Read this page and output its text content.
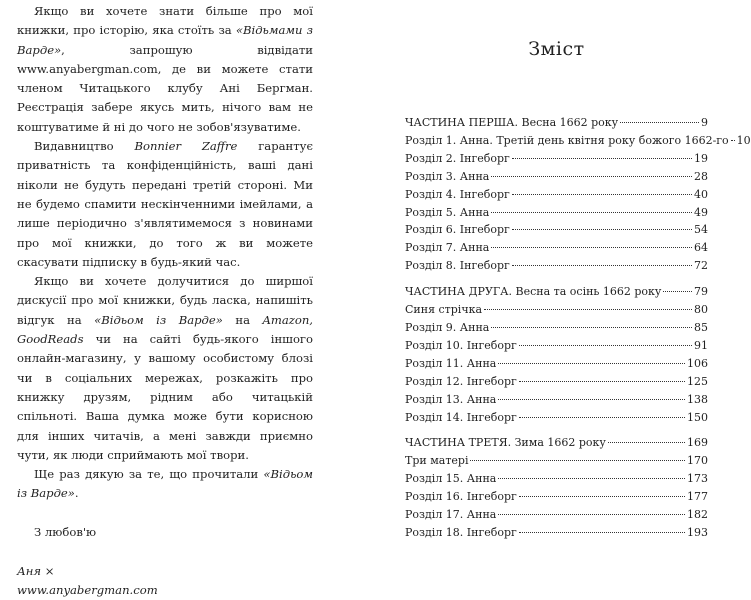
Якщо ви хочете знати більше про мої книжки, про історію, яка стоїть за «Відьмами з Варде», запрошую відвідати www.anyabergman.com, де ви можете стати членом Читацького клубу Ані Бергман. Реєстрація забере якусь мить, нічого вам не коштуватиме й ні до чого не зобов'язуватиме.

Видавництво Bonnier Zaffre гарантує приватність та конфіденційність, ваші дані ніколи не будуть передані третій стороні. Ми не будемо спамити нескінченними імейлами, а лише періодично з'являтимемося з новинами про мої книжки, до того ж ви можете скасувати підписку в будь-який час.

Якщо ви хочете долучитися до ширшої дискусії про мої книжки, будь ласка, напишіть відгук на «Відьом із Варде» на Amazon, GoodReads чи на сайті будь-якого іншого онлайн-магазину, у вашому особистому блозі чи в соціальних мережах, розкажіть про книжку друзям, рідним або читацькій спільноті. Ваша думка може бути корисною для інших читачів, а мені завжди приємно чути, як люди сприймають мої твори.

Ще раз дякую за те, що прочитали «Відьом із Варде».

З любов'ю

Аня ×

www.anyabergman.com

Зміст
ЧАСТИНА ПЕРША. Весна 1662 року	9
Розділ 1. Анна. Третій день квітня року божого 1662-го 10
Розділ 2. Інгеборг	19
Розділ 3. Анна	28
Розділ 4. Інгеборг	40
Розділ 5. Анна	49
Розділ 6. Інгеборг	54
Розділ 7. Анна	64
Розділ 8. Інгеборг	72
ЧАСТИНА ДРУГА. Весна та осінь 1662 року	79
Синя стрічка	80
Розділ 9. Анна	85
Розділ 10. Інгеборг	91
Розділ 11. Анна	106
Розділ 12. Інгеборг	125
Розділ 13. Анна	138
Розділ 14. Інгеборг	150
ЧАСТИНА ТРЕТЯ. Зима 1662 року	169
Три матері	170
Розділ 15. Анна	173
Розділ 16. Інгеборг	177
Розділ 17. Анна	182
Розділ 18. Інгеборг	193
